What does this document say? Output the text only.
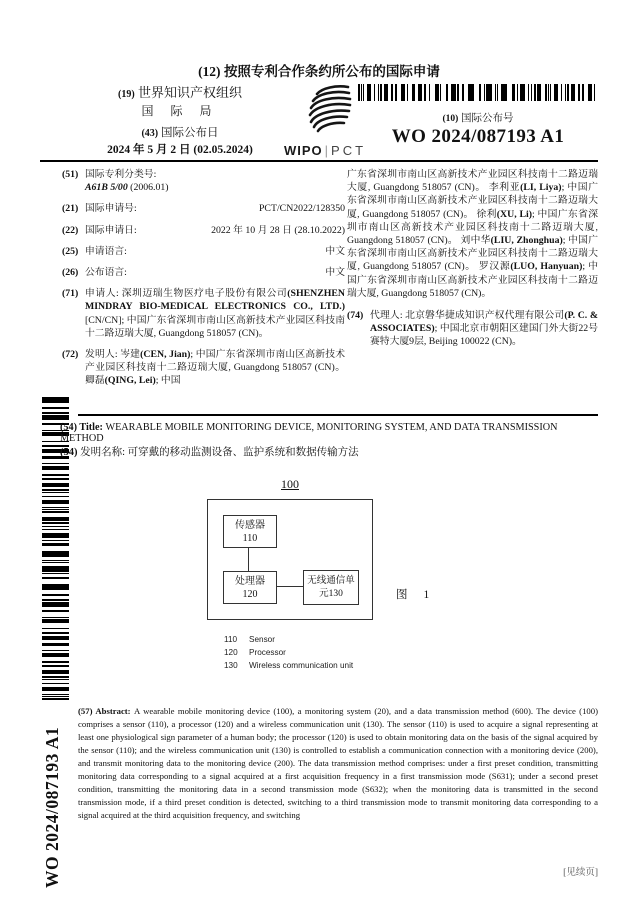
(12) 按照专利合作条约所公布的国际申请
(19) 世界知识产权组织
国 际 局
(43) 国际公布日
2024 年 5 月 2 日 (02.05.2024)	WIPO | PCT
(10) 国际公布号
WO 2024/087193 A1
(51) 国际专利分类号:
A61B 5/00 (2006.01)
(21) 国际申请号:	PCT/CN2022/128350
(22) 国际申请日:	2022 年 10 月 28 日 (28.10.2022)
(25) 申请语言:	中文
(26) 公布语言:	中文
(71) 申请人: 深圳迈瑞生物医疗电子股份有限公司(SHENZHEN MINDRAY BIO-MEDICAL ELECTRONICS CO., LTD.) [CN/CN]; 中国广东省深圳市南山区高新技术产业园区科技南十二路迈瑞大厦, Guangdong 518057 (CN)。
(72) 发明人: 岑建(CEN, Jian); 中国广东省深圳市南山区高新技术产业园区科技南十二路迈瑞大厦, Guangdong 518057 (CN)。 卿磊(QING, Lei); 中国
广东省深圳市南山区高新技术产业园区科技南十二路迈瑞大厦, Guangdong 518057 (CN)。 李利亚(LI, Liya); 中国广东省深圳市南山区高新技术产业园区科技南十二路迈瑞大厦, Guangdong 518057 (CN)。 徐利(XU, Li); 中国广东省深圳市南山区高新技术产业园区科技南十二路迈瑞大厦, Guangdong 518057 (CN)。 刘中华(LIU, Zhonghua); 中国广东省深圳市南山区高新技术产业园区科技南十二路迈瑞大厦, Guangdong 518057 (CN)。 罗汉源(LUO, Hanyuan); 中国广东省深圳市南山区高新技术产业园区科技南十二路迈瑞大厦, Guangdong 518057 (CN)。
(74) 代理人: 北京磐华捷成知识产权代理有限公司(P. C. & ASSOCIATES); 中国北京市朝阳区建国门外大街22号赛特大厦9层, Beijing 100022 (CN)。
(54) Title: WEARABLE MOBILE MONITORING DEVICE, MONITORING SYSTEM, AND DATA TRANSMISSION METHOD
(54) 发明名称: 可穿戴的移动监测设备、监护系统和数据传输方法
100
传感器
110
处理器
120
无线通信单
元130	图 1
110	Sensor
120	Processor
130	Wireless communication unit
(57) Abstract: A wearable mobile monitoring device (100), a monitoring system (20), and a data transmission method (600). The device (100) comprises a sensor (110), a processor (120) and a wireless communication unit (130). The sensor (110) is used to acquire a signal representing at least one physiological sign parameter of a human body; the processor (120) is used to obtain monitoring data on the basis of the signal acquired by the sensor (110); and the wireless communication unit (130) is controlled to establish a communication connection with a monitoring device (200), and transmit monitoring data to the monitoring device (200). The data transmission method comprises: under a first preset condition, transmitting monitoring data corresponding to a signal acquired at a first acquisition frequency in a first transmission mode (S631); under a second preset condition, transmitting the monitoring data in a second transmission mode (S632); when the monitoring data is transmitted in the second transmission mode, if a third preset condition is detected, switching to a third transmission mode to transmit monitoring data corresponding to a signal acquired at the third acquisition frequency, and switching
WO 2024/087193 A1	[见续页]
